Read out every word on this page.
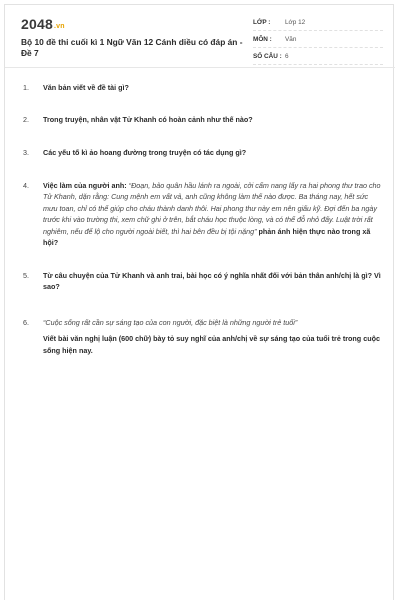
2048.vn
Bộ 10 đề thi cuối kì 1 Ngữ Văn 12 Cánh diều có đáp án - Đề 7
LỚP :	Lớp 12
MÔN :	Văn
SỐ CÂU : 6
1. Văn bản viết về đề tài gì?
2. Trong truyện, nhân vật Tử Khanh có hoàn cảnh như thế nào?
3. Các yếu tố kì ảo hoang đường trong truyện có tác dụng gì?
4. Việc làm của người anh: “Đoạn, bảo quân hầu lánh ra ngoài, cởi cẩm nang lấy ra hai phong thư trao cho Tử Khanh, dặn rằng: Cung mệnh em vất vả, anh cũng không làm thế nào được. Ba tháng nay, hết sức mưu toan, chỉ có thể giúp cho cháu thành danh thôi. Hai phong thư này em nên giấu kỹ. Đợi đến ba ngày trước khi vào trường thi, xem chữ ghi ở trên, bắt cháu học thuộc lòng, và có thể đỗ nhỏ đấy. Luật trời rất nghiêm, nếu để lộ cho người ngoài biết, thì hai bên đều bị tội nặng” phản ánh hiện thực nào trong xã hội?
5. Từ câu chuyện của Tử Khanh và anh trai, bài học có ý nghĩa nhất đối với bản thân anh/chị là gì? Vì sao?
6. “Cuộc sống rất cần sự sáng tạo của con người, đặc biệt là những người trẻ tuổi”
Viết bài văn nghị luận (600 chữ) bày tỏ suy nghĩ của anh/chị về sự sáng tạo của tuổi trẻ trong cuộc sống hiện nay.
